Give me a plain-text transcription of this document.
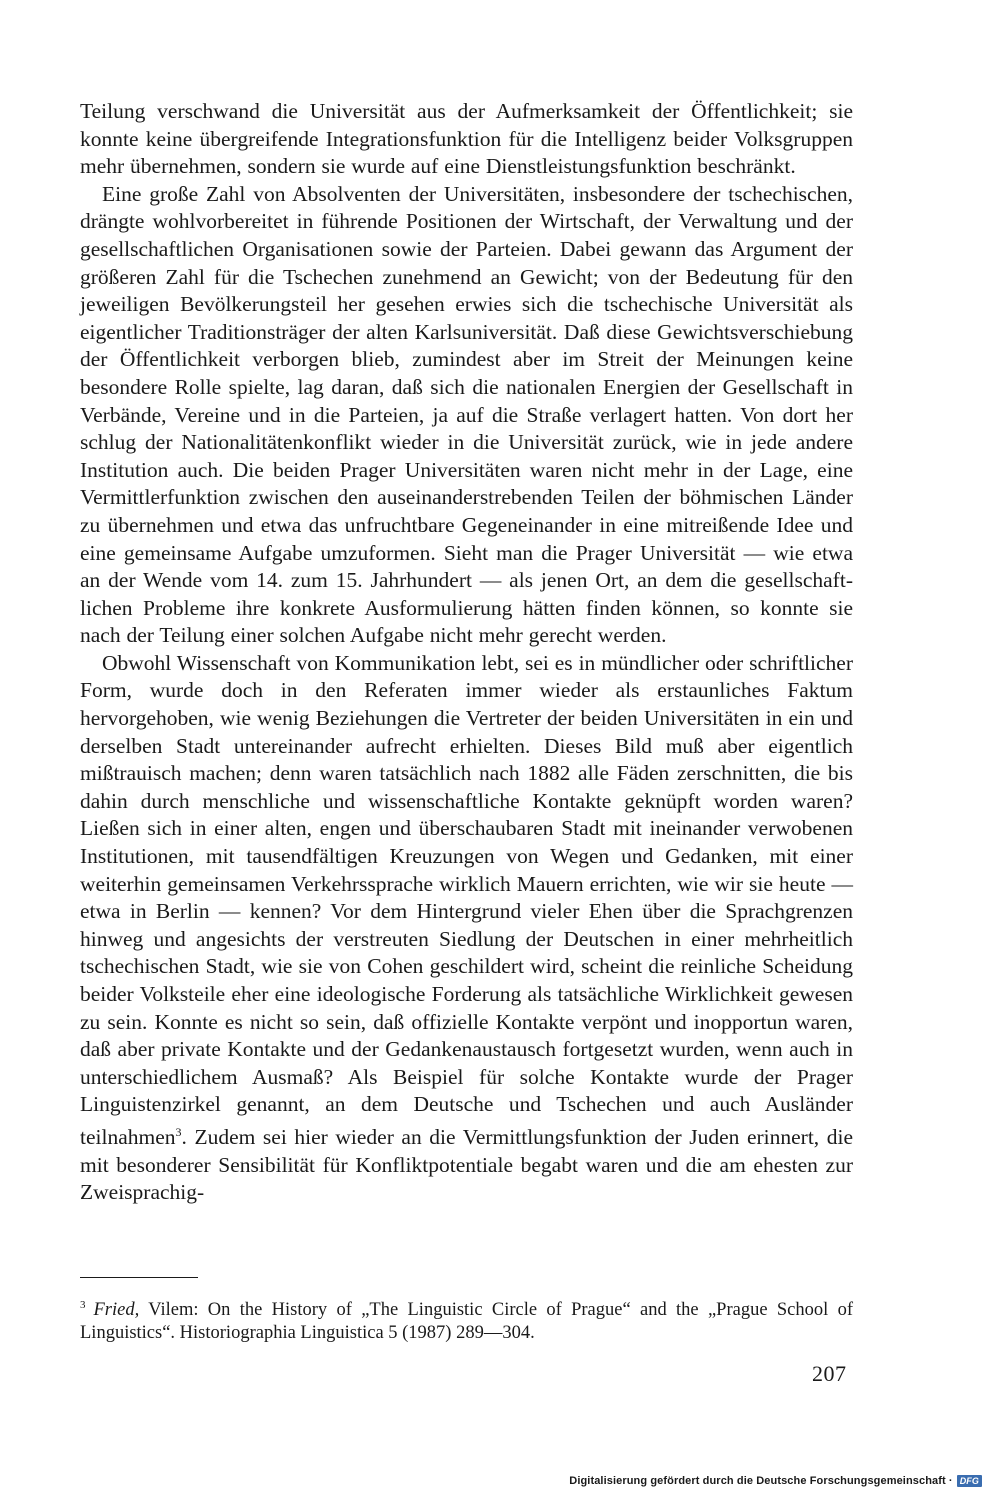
Teilung verschwand die Universität aus der Aufmerksamkeit der Öffentlichkeit; sie konnte keine übergreifende Integrationsfunktion für die Intelligenz beider Volksgruppen mehr übernehmen, sondern sie wurde auf eine Dienstleistungsfunktion beschränkt.

Eine große Zahl von Absolventen der Universitäten, insbesondere der tschechischen, drängte wohlvorbereitet in führende Positionen der Wirtschaft, der Verwaltung und der gesellschaftlichen Organisationen sowie der Parteien. Dabei gewann das Argument der größeren Zahl für die Tschechen zunehmend an Gewicht; von der Bedeutung für den jeweiligen Bevölkerungsteil her gesehen erwies sich die tschechische Universität als eigentlicher Traditionsträger der alten Karlsuniversität. Daß diese Gewichtsverschiebung der Öffentlichkeit verborgen blieb, zumindest aber im Streit der Meinungen keine besondere Rolle spielte, lag daran, daß sich die nationalen Energien der Gesellschaft in Verbände, Vereine und in die Parteien, ja auf die Straße verlagert hatten. Von dort her schlug der Nationalitätenkonflikt wieder in die Universität zurück, wie in jede andere Institution auch. Die beiden Prager Universitäten waren nicht mehr in der Lage, eine Vermittlerfunktion zwischen den auseinanderstrebenden Teilen der böhmischen Länder zu übernehmen und etwa das unfruchtbare Gegeneinander in eine mitreißende Idee und eine gemeinsame Aufgabe umzuformen. Sieht man die Prager Universität — wie etwa an der Wende vom 14. zum 15. Jahrhundert — als jenen Ort, an dem die gesellschaftlichen Probleme ihre konkrete Ausformulierung hätten finden können, so konnte sie nach der Teilung einer solchen Aufgabe nicht mehr gerecht werden.

Obwohl Wissenschaft von Kommunikation lebt, sei es in mündlicher oder schriftlicher Form, wurde doch in den Referaten immer wieder als erstaunliches Faktum hervorgehoben, wie wenig Beziehungen die Vertreter der beiden Universitäten in ein und derselben Stadt untereinander aufrecht erhielten. Dieses Bild muß aber eigentlich mißtrauisch machen; denn waren tatsächlich nach 1882 alle Fäden zerschnitten, die bis dahin durch menschliche und wissenschaftliche Kontakte geknüpft worden waren? Ließen sich in einer alten, engen und überschaubaren Stadt mit ineinander verwobenen Institutionen, mit tausendfältigen Kreuzungen von Wegen und Gedanken, mit einer weiterhin gemeinsamen Verkehrssprache wirklich Mauern errichten, wie wir sie heute — etwa in Berlin — kennen? Vor dem Hintergrund vieler Ehen über die Sprachgrenzen hinweg und angesichts der verstreuten Siedlung der Deutschen in einer mehrheitlich tschechischen Stadt, wie sie von Cohen geschildert wird, scheint die reinliche Scheidung beider Volksteile eher eine ideologische Forderung als tatsächliche Wirklichkeit gewesen zu sein. Konnte es nicht so sein, daß offizielle Kontakte verpönt und inopportun waren, daß aber private Kontakte und der Gedankenaustausch fortgesetzt wurden, wenn auch in unterschiedlichem Ausmaß? Als Beispiel für solche Kontakte wurde der Prager Linguistenzirkel genannt, an dem Deutsche und Tschechen und auch Ausländer teilnahmen$^3$. Zudem sei hier wieder an die Vermittlungsfunktion der Juden erinnert, die mit besonderer Sensibilität für Konfliktpotentiale begabt waren und die am ehesten zur Zweisprachig-

$^3$ Fried, Vilem: On the History of „The Linguistic Circle of Prague“ and the „Prague School of Linguistics“. Historiographia Linguistica 5 (1987) 289—304.

207
Digitalisierung gefördert durch die Deutsche Forschungsgemeinschaft · DFG
